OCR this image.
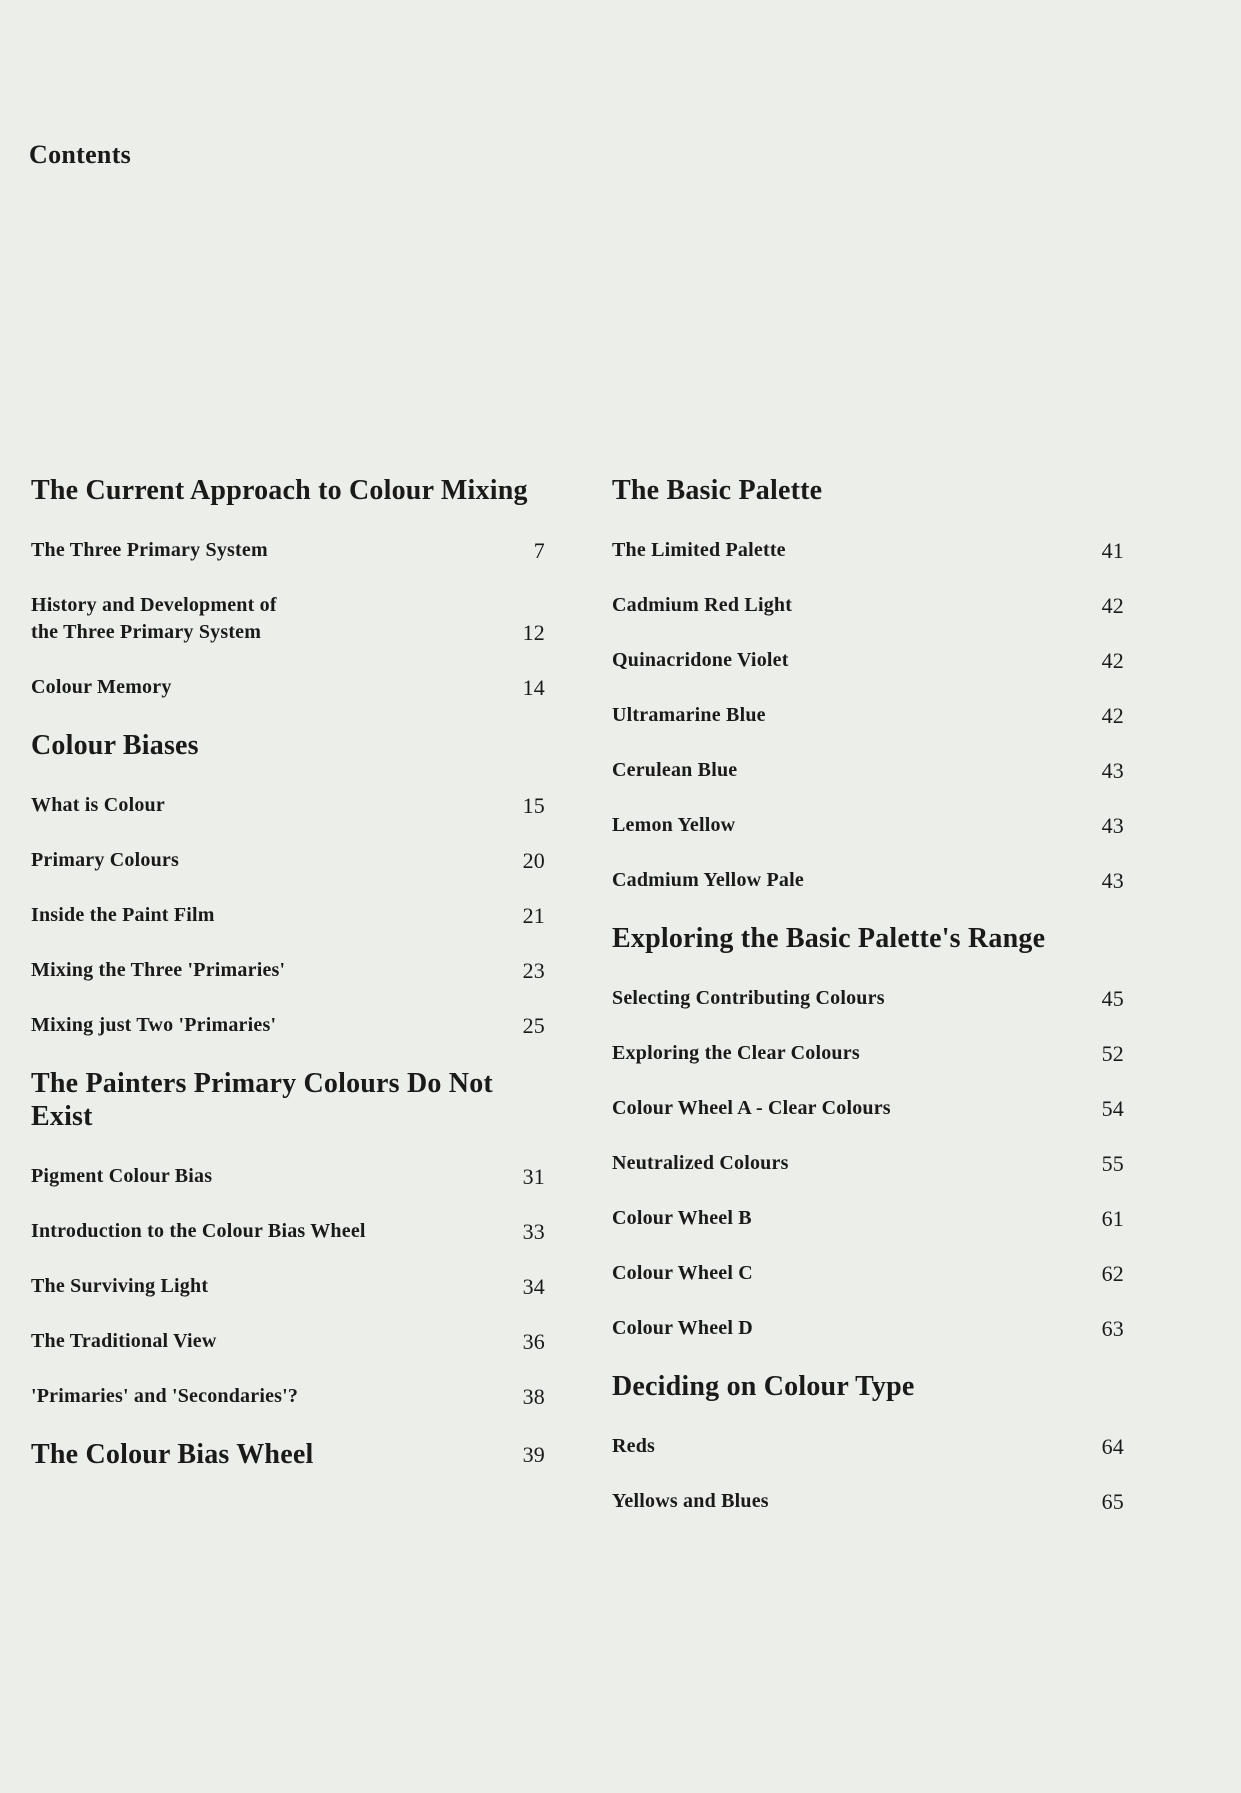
Contents
The Current Approach to Colour Mixing
The Three Primary System	7
History and Development of
the Three Primary System	12
Colour Memory	14
Colour Biases
What is Colour	15
Primary Colours	20
Inside the Paint Film	21
Mixing the Three 'Primaries'	23
Mixing just Two 'Primaries'	25
The Painters Primary Colours Do Not Exist
Pigment Colour Bias	31
Introduction to the Colour Bias Wheel	33
The Surviving Light	34
The Traditional View	36
'Primaries' and 'Secondaries'?	38
The Colour Bias Wheel	39
The Basic Palette
The Limited Palette	41
Cadmium Red Light	42
Quinacridone Violet	42
Ultramarine Blue	42
Cerulean Blue	43
Lemon Yellow	43
Cadmium Yellow Pale	43
Exploring the Basic Palette's Range
Selecting Contributing Colours	45
Exploring the Clear Colours	52
Colour Wheel A - Clear Colours	54
Neutralized Colours	55
Colour Wheel B	61
Colour Wheel C	62
Colour Wheel D	63
Deciding on Colour Type
Reds	64
Yellows and Blues	65
